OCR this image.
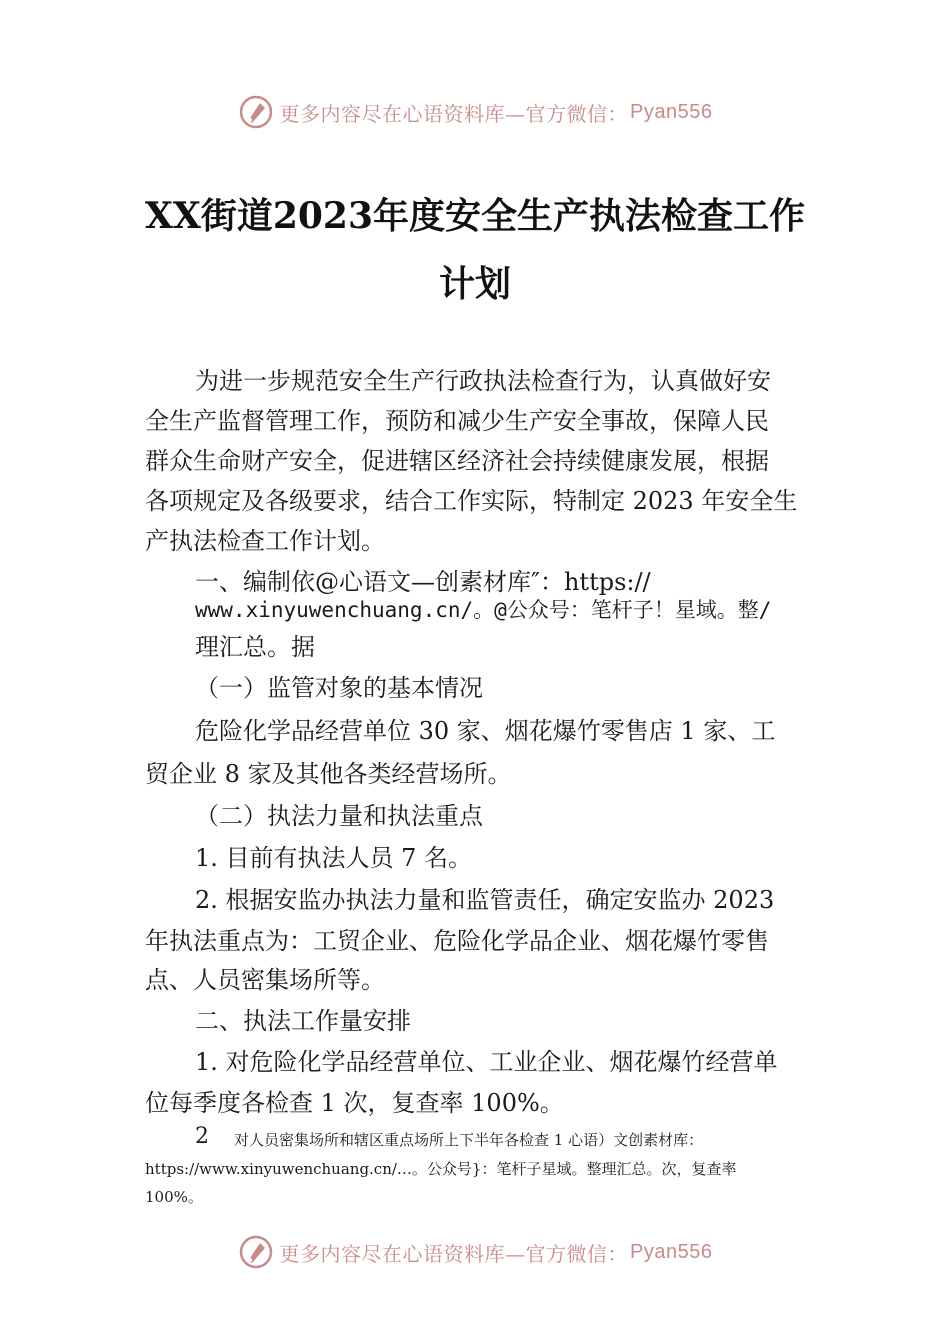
更多内容尽在心语资料库—官方微信： Pyan556
XX街道2023年度安全生产执法检查工作
计划
为进一步规范安全生产行政执法检查行为，认真做好安
全生产监督管理工作，预防和减少生产安全事故，保障人民
群众生命财产安全，促进辖区经济社会持续健康发展，根据
各项规定及各级要求，结合工作实际，特制定 2023 年安全生
产执法检查工作计划。
一、编制依@心语文—创素材库″：https://
www.xinyuwenchuang.cn/。@公众号：笔杆子！星域。整/
理汇总。据
（一）监管对象的基本情况
危险化学品经营单位 30 家、烟花爆竹零售店 1 家、工
贸企业 8 家及其他各类经营场所。
（二）执法力量和执法重点
1. 目前有执法人员 7 名。
2. 根据安监办执法力量和监管责任，确定安监办 2023
年执法重点为：工贸企业、危险化学品企业、烟花爆竹零售
点、人员密集场所等。
二、执法工作量安排
1. 对危险化学品经营单位、工业企业、烟花爆竹经营单
位每季度各检查 1 次，复查率 100%。
2 对人员密集场所和辖区重点场所上下半年各检查 1 心语）文创素材库：
https://www.xinyuwenchuang.cn/…。公众号}：笔杆子星域。整理汇总。次，复查率
100%。
更多内容尽在心语资料库—官方微信： Pyan556
